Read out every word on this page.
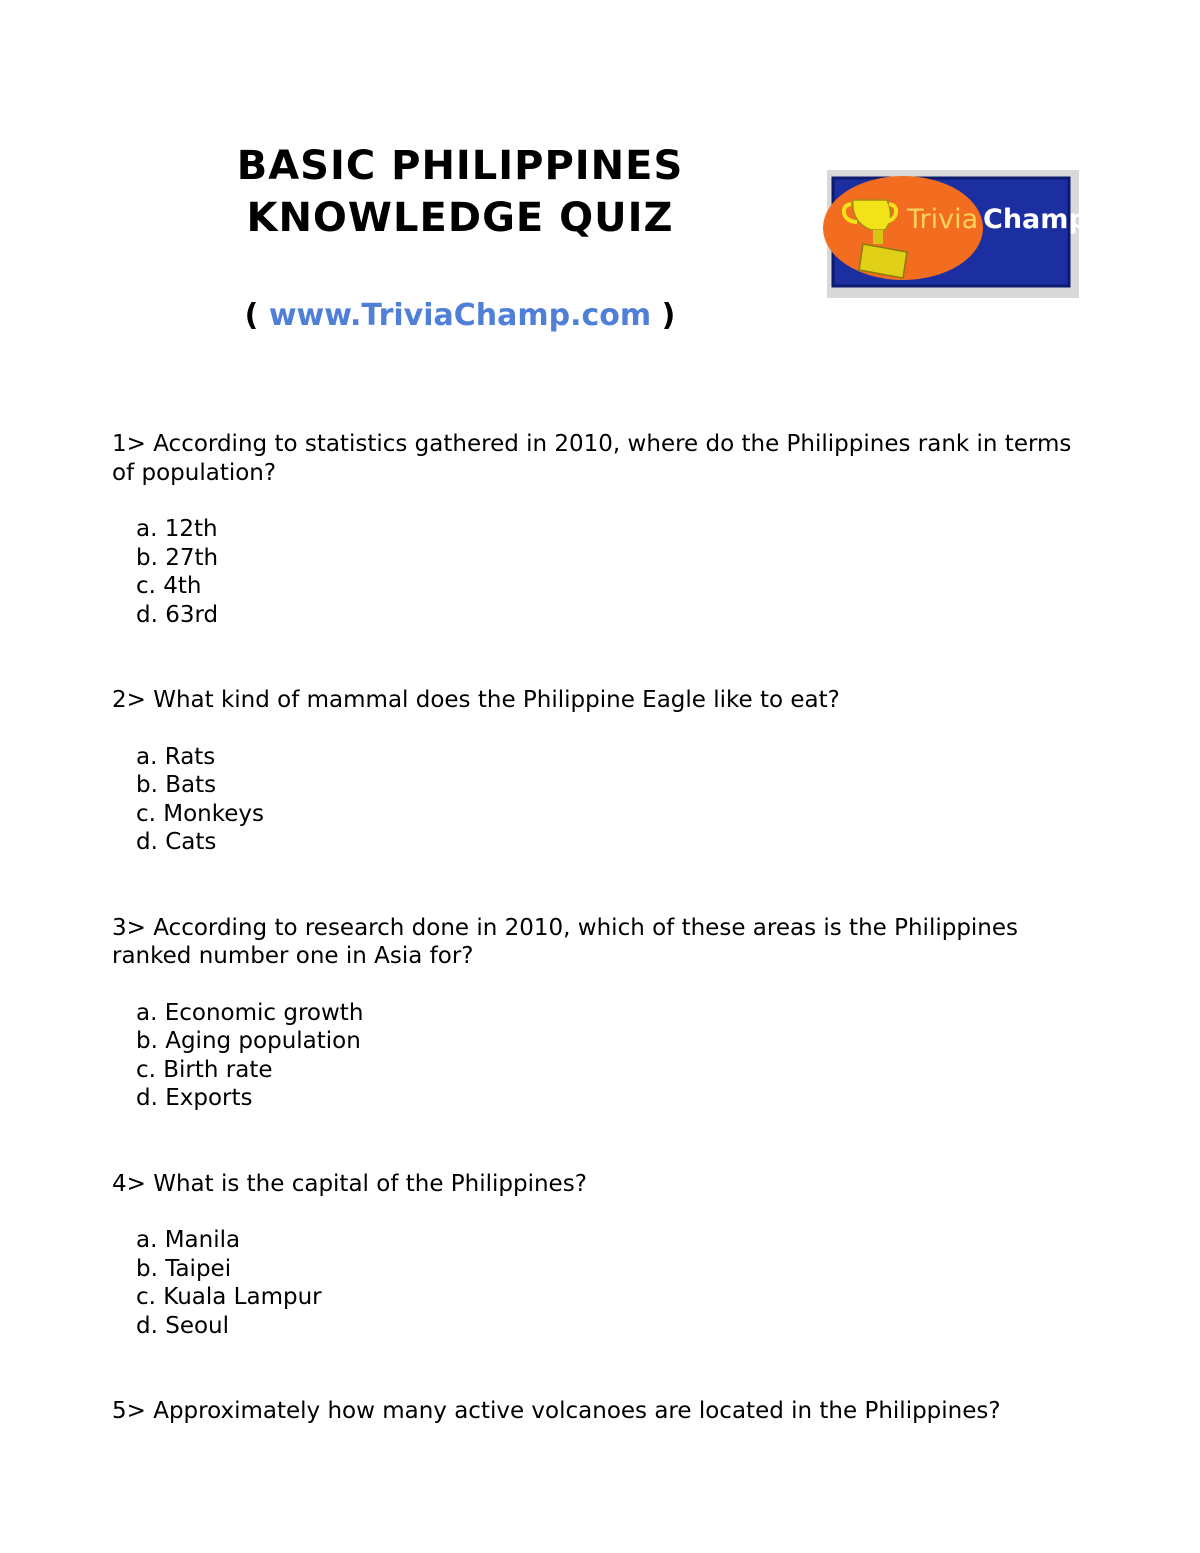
BASIC PHILIPPINES
KNOWLEDGE QUIZ
( www.TriviaChamp.com )
Trivia Champ

1> According to statistics gathered in 2010, where do the Philippines rank in terms of population?

a. 12th
b. 27th
c. 4th
d. 63rd

2> What kind of mammal does the Philippine Eagle like to eat?

a. Rats
b. Bats
c. Monkeys
d. Cats

3> According to research done in 2010, which of these areas is the Philippines ranked number one in Asia for?

a. Economic growth
b. Aging population
c. Birth rate
d. Exports

4> What is the capital of the Philippines?

a. Manila
b. Taipei
c. Kuala Lampur
d. Seoul

5> Approximately how many active volcanoes are located in the Philippines?
